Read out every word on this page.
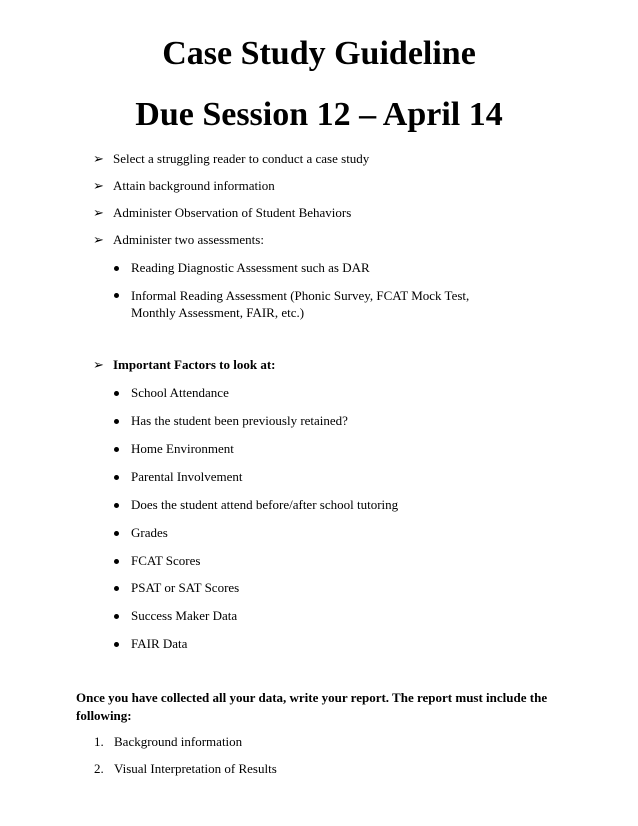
Case Study Guideline
Due Session 12 – April 14
➢ Select a struggling reader to conduct a case study
➢ Attain background information
➢ Administer Observation of Student Behaviors
➢ Administer two assessments:
Reading Diagnostic Assessment such as DAR
Informal Reading Assessment (Phonic Survey, FCAT Mock Test, Monthly Assessment, FAIR, etc.)
➢ Important Factors to look at:
School Attendance
Has the student been previously retained?
Home Environment
Parental Involvement
Does the student attend before/after school tutoring
Grades
FCAT Scores
PSAT or SAT Scores
Success Maker Data
FAIR Data
Once you have collected all your data, write your report. The report must include the following:
1. Background information
2. Visual Interpretation of Results
